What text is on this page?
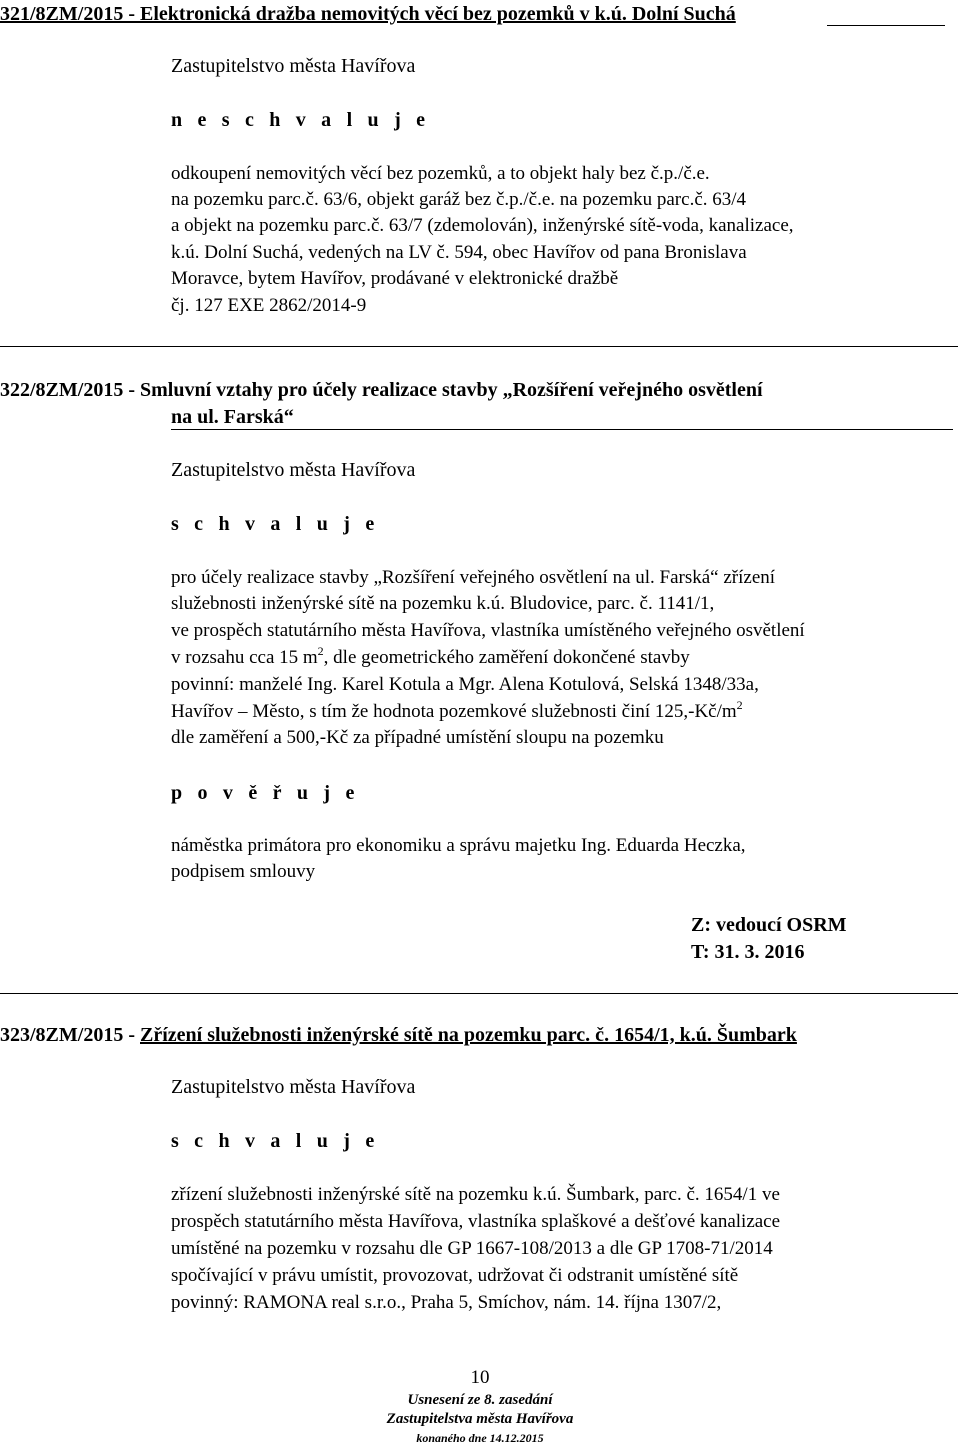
321/8ZM/2015 - Elektronická dražba nemovitých věcí bez pozemků v k.ú. Dolní Suchá
Zastupitelstvo města Havířova
n e s c h v a l u j e
odkoupení nemovitých věcí bez pozemků, a to objekt haly bez č.p./č.e.
na pozemku parc.č. 63/6, objekt garáž bez č.p./č.e. na pozemku parc.č. 63/4
a objekt na pozemku parc.č. 63/7 (zdemolován), inženýrské sítě-voda, kanalizace,
k.ú. Dolní Suchá, vedených na LV č. 594, obec Havířov od pana Bronislava
Moravce, bytem Havířov, prodávané v elektronické dražbě
čj. 127 EXE 2862/2014-9
322/8ZM/2015 - Smluvní vztahy pro účely realizace stavby „Rozšíření veřejného osvětlení
na ul. Farská“
Zastupitelstvo města Havířova
s c h v a l u j e
pro účely realizace stavby „Rozšíření veřejného osvětlení na ul. Farská“ zřízení
služebnosti inženýrské sítě na pozemku k.ú. Bludovice, parc. č. 1141/1,
ve prospěch statutárního města Havířova, vlastníka umístěného veřejného osvětlení
v rozsahu cca 15 $m^2$, dle geometrického zaměření dokončené stavby
povinní: manželé Ing. Karel Kotula a Mgr. Alena Kotulová, Selská 1348/33a,
Havířov – Město, s tím že hodnota pozemkové služebnosti činí $125,-Kč/m^2$
dle zaměření a 500,-Kč za případné umístění sloupu na pozemku
p o v ě ř u j e
náměstka primátora pro ekonomiku a správu majetku Ing. Eduarda Heczka,
podpisem smlouvy
Z: vedoucí OSRM
T: 31. 3. 2016
323/8ZM/2015 - Zřízení služebnosti inženýrské sítě na pozemku parc. č. 1654/1, k.ú. Šumbark
Zastupitelstvo města Havířova
s c h v a l u j e
zřízení služebnosti inženýrské sítě na pozemku k.ú. Šumbark, parc. č. 1654/1 ve
prospěch statutárního města Havířova, vlastníka splaškové a dešťové kanalizace
umístěné na pozemku v rozsahu dle GP 1667-108/2013 a dle GP 1708-71/2014
spočívající v právu umístit, provozovat, udržovat či odstranit umístěné sítě
povinný: RAMONA real s.r.o., Praha 5, Smíchov, nám. 14. října 1307/2,
10
Usnesení ze 8. zasedání
Zastupitelstva města Havířova
konaného dne 14.12.2015
